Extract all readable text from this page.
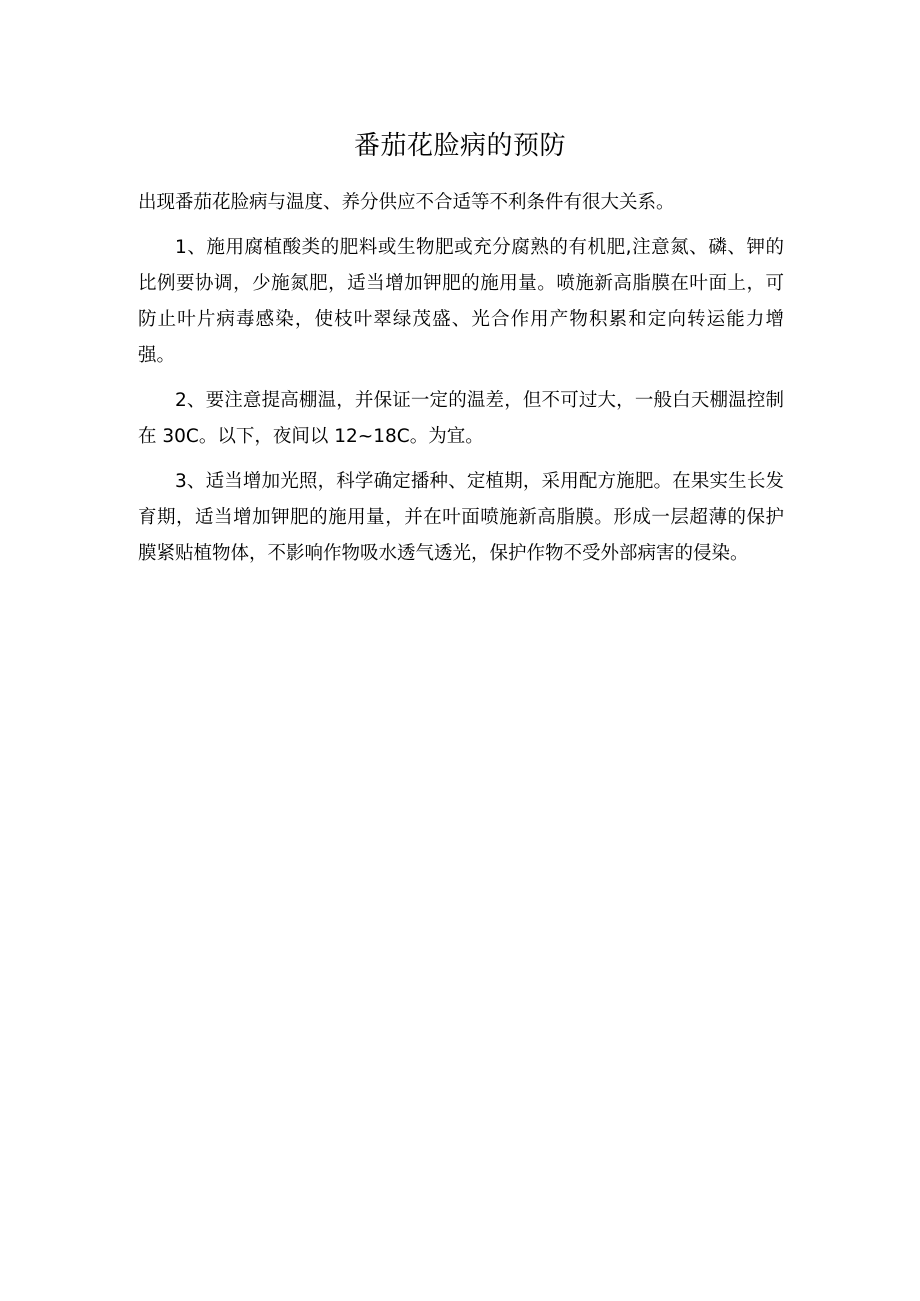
番茄花脸病的预防

出现番茄花脸病与温度、养分供应不合适等不利条件有很大关系。

1、施用腐植酸类的肥料或生物肥或充分腐熟的有机肥,注意氮、磷、钾的比例要协调，少施氮肥，适当增加钾肥的施用量。喷施新高脂膜在叶面上，可防止叶片病毒感染，使枝叶翠绿茂盛、光合作用产物积累和定向转运能力增强。

2、要注意提高棚温，并保证一定的温差，但不可过大，一般白天棚温控制在 30C。以下，夜间以 12~18C。为宜。

3、适当增加光照，科学确定播种、定植期，采用配方施肥。在果实生长发育期，适当增加钾肥的施用量，并在叶面喷施新高脂膜。形成一层超薄的保护膜紧贴植物体，不影响作物吸水透气透光，保护作物不受外部病害的侵染。
